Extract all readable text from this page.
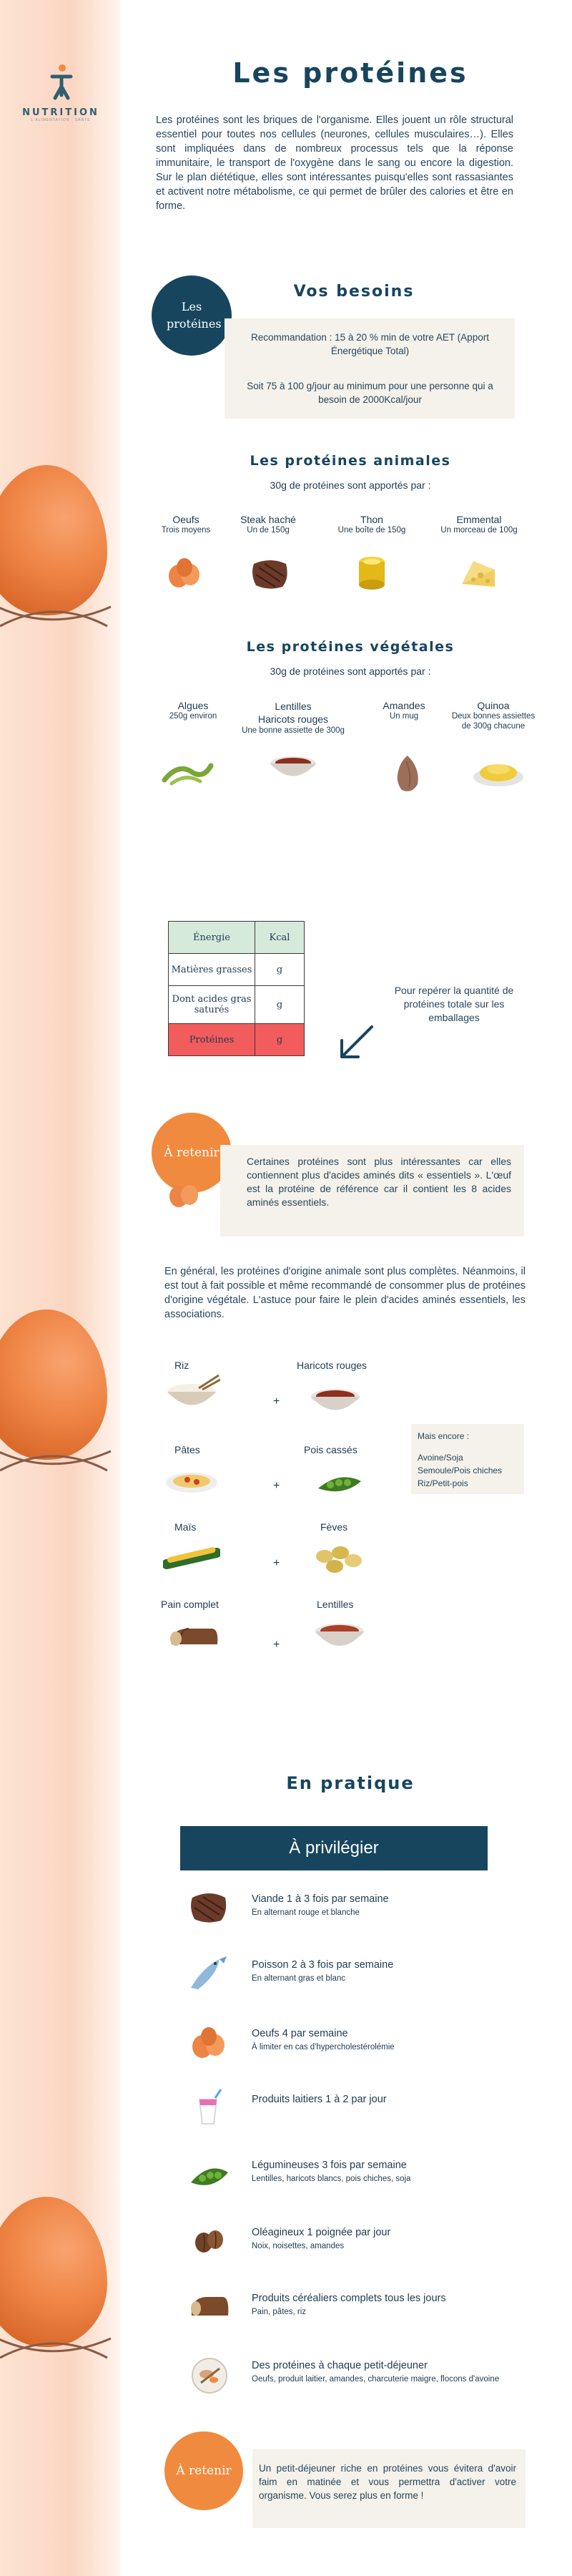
NUTRITION
L'ALIMENTATION · SANTÉ
Les protéines
Les protéines sont les briques de l'organisme. Elles jouent un rôle structural essentiel pour toutes nos cellules (neurones, cellules musculaires…). Elles sont impliquées dans de nombreux processus tels que la réponse immunitaire, le transport de l'oxygène dans le sang ou encore la digestion. Sur le plan diététique, elles sont intéressantes puisqu'elles sont rassasiantes et activent notre métabolisme, ce qui permet de brûler des calories et être en forme.
Les protéines
Vos besoins
Recommandation : 15 à 20 % min de votre AET (Apport Énergétique Total)
Soit 75 à 100 g/jour au minimum pour une personne qui a besoin de 2000Kcal/jour
Les protéines animales
30g de protéines sont apportés par :
Oeufs
Trois moyens
Steak haché
Un de 150g
Thon
Une boîte de 150g
Emmental
Un morceau de 100g
Les protéines végétales
30g de protéines sont apportés par :
Algues
250g environ
Lentilles
Haricots rouges
Une bonne assiette de 300g
Amandes
Un mug
Quinoa
Deux bonnes assiettes de 300g chacune
Énergie	Kcal
Matières grasses	g
Dont acides gras saturés	g
Protéines	g
Pour repérer la quantité de protéines totale sur les emballages
À retenir
Certaines protéines sont plus intéressantes car elles contiennent plus d'acides aminés dits « essentiels ». L'œuf est la protéine de référence car il contient les 8 acides aminés essentiels.
En général, les protéines d'origine animale sont plus complètes. Néanmoins, il est tout à fait possible et même recommandé de consommer plus de protéines d'origine végétale. L'astuce pour faire le plein d'acides aminés essentiels, les associations.
Riz
+
Haricots rouges
Pâtes
+
Pois cassés
Maïs
+
Fèves
Pain complet
+
Lentilles
Mais encore :
Avoine/Soja
Semoule/Pois chiches
Riz/Petit-pois
En pratique
À privilégier
Viande 1 à 3 fois par semaine
En alternant rouge et blanche
Poisson 2 à 3 fois par semaine
En alternant gras et blanc
Oeufs 4 par semaine
À limiter en cas d'hypercholestérolémie
Produits laitiers 1 à 2 par jour
Légumineuses 3 fois par semaine
Lentilles, haricots blancs, pois chiches, soja
Oléagineux 1 poignée par jour
Noix, noisettes, amandes
Produits céréaliers complets tous les jours
Pain, pâtes, riz
Des protéines à chaque petit-déjeuner
Oeufs, produit laitier, amandes, charcuterie maigre, flocons d'avoine
À retenir	Un petit-déjeuner riche en protéines vous évitera d'avoir faim en matinée et vous permettra d'activer votre organisme. Vous serez plus en forme !
